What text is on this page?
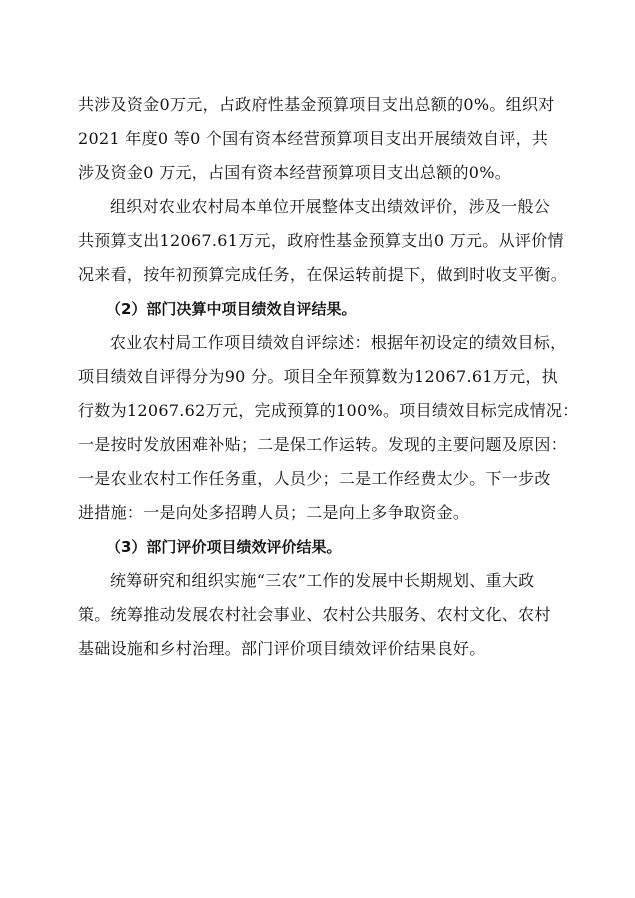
共涉及资金0万元，占政府性基金预算项目支出总额的0%。组织对
2021 年度0 等0 个国有资本经营预算项目支出开展绩效自评，共
涉及资金0 万元，占国有资本经营预算项目支出总额的0%。

组织对农业农村局本单位开展整体支出绩效评价，涉及一般公
共预算支出12067.61万元，政府性基金预算支出0 万元。从评价情
况来看，按年初预算完成任务，在保运转前提下，做到时收支平衡。

（2）部门决算中项目绩效自评结果。

农业农村局工作项目绩效自评综述：根据年初设定的绩效目标，
项目绩效自评得分为90 分。项目全年预算数为12067.61万元，执
行数为12067.62万元，完成预算的100%。项目绩效目标完成情况：
一是按时发放困难补贴；二是保工作运转。发现的主要问题及原因：
一是农业农村工作任务重，人员少；二是工作经费太少。下一步改
进措施：一是向处多招聘人员；二是向上多争取资金。

（3）部门评价项目绩效评价结果。

统筹研究和组织实施“三农”工作的发展中长期规划、重大政
策。统筹推动发展农村社会事业、农村公共服务、农村文化、农村
基础设施和乡村治理。部门评价项目绩效评价结果良好。
